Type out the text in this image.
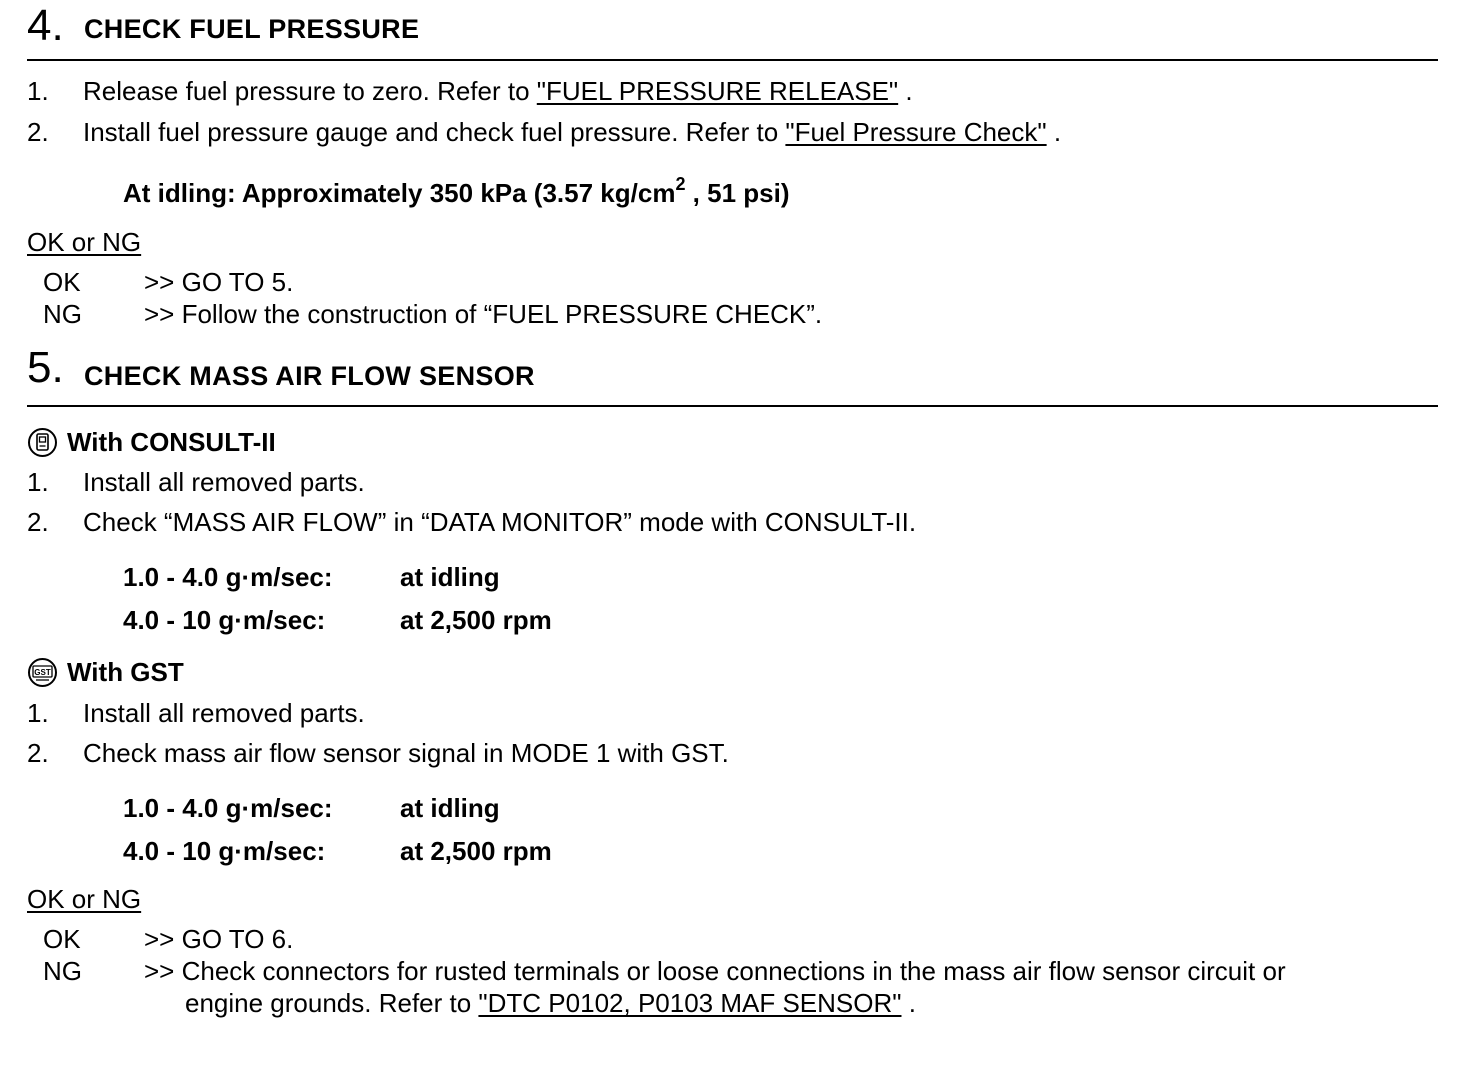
4. CHECK FUEL PRESSURE
1. Release fuel pressure to zero. Refer to "FUEL PRESSURE RELEASE" .
2. Install fuel pressure gauge and check fuel pressure. Refer to "Fuel Pressure Check" .
At idling: Approximately 350 kPa (3.57 $kg/cm^2$ , 51 psi)
OK or NG
OK >> GO TO 5.
NG >> Follow the construction of “FUEL PRESSURE CHECK”.
5. CHECK MASS AIR FLOW SENSOR
With CONSULT-II
1. Install all removed parts.
2. Check “MASS AIR FLOW” in “DATA MONITOR” mode with CONSULT-II.
1.0 - 4.0 g·m/sec:	at idling
4.0 - 10 g·m/sec:	at 2,500 rpm
GST With GST
1. Install all removed parts.
2. Check mass air flow sensor signal in MODE 1 with GST.
1.0 - 4.0 g·m/sec:	at idling
4.0 - 10 g·m/sec:	at 2,500 rpm
OK or NG
OK >> GO TO 6.
NG >> Check connectors for rusted terminals or loose connections in the mass air flow sensor circuit or
engine grounds. Refer to "DTC P0102, P0103 MAF SENSOR" .
